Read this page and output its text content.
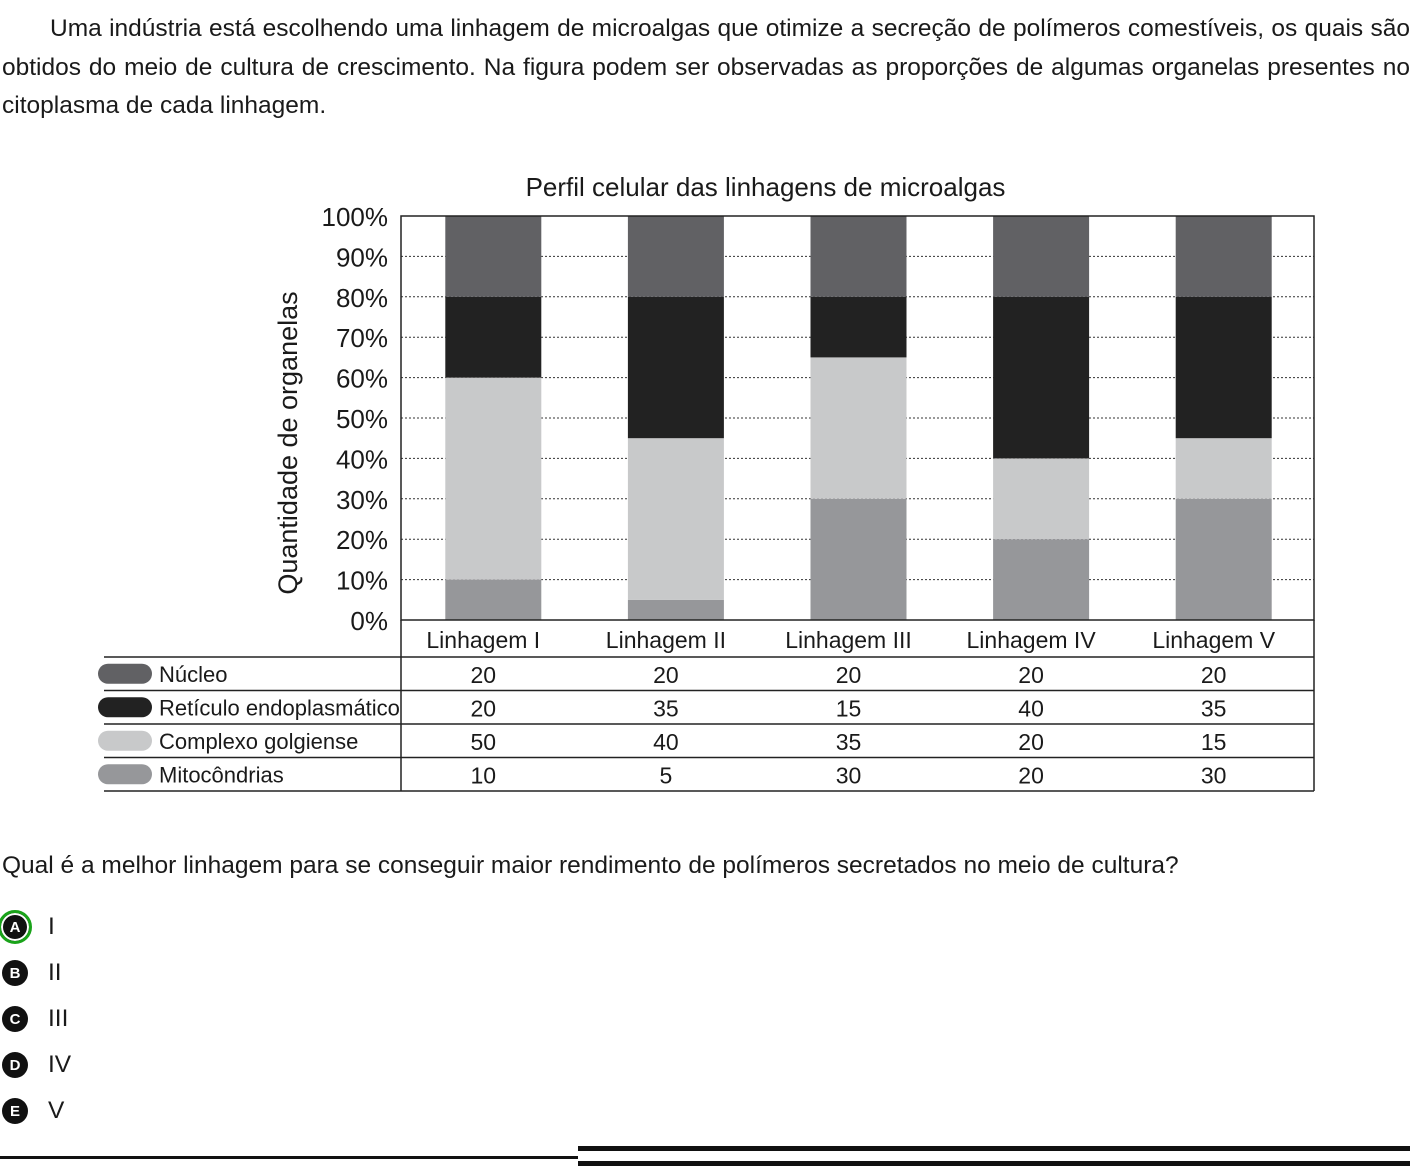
Uma indústria está escolhendo uma linhagem de microalgas que otimize a secreção de polímeros comestíveis, os quais são obtidos do meio de cultura de crescimento. Na figura podem ser observadas as proporções de algumas organelas presentes no citoplasma de cada linhagem.

Perfil celular das linhagens de microalgas
0%
10%
20%
30%
40%
50%
60%
70%
80%
90%
100%
Quantidade de organelas
Linhagem I	Linhagem II	Linhagem III Linhagem IV Linhagem V
Núcleo	20	20	20	20	20
Retículo endoplasmático	20	35	15	40	35
Complexo golgiense	50	40	35	20	15
Mitocôndrias	10	5	30	20	30

Qual é a melhor linhagem para se conseguir maior rendimento de polímeros secretados no meio de cultura?

A	I
B	II
C	III
D	IV
E	V
